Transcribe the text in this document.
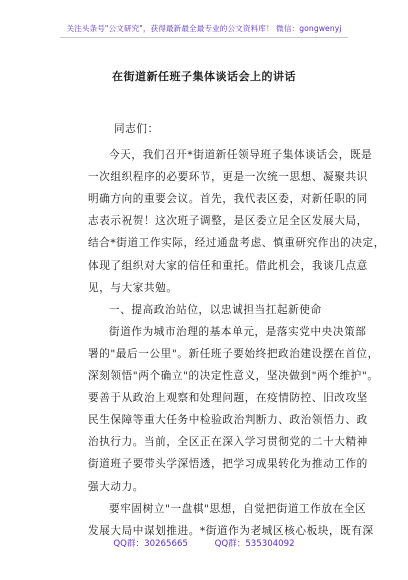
关注头条号"公文研究"，获得最新最全最专业的公文资料库！ 微信：gongwenyj
在街道新任班子集体谈话会上的讲话
同志们：
今天，我们召开*街道新任领导班子集体谈话会，既是
一次组织程序的必要环节，更是一次统一思想、凝聚共识
明确方向的重要会议。首先，我代表区委，对新任职的同
志表示祝贺！这次班子调整，是区委立足全区发展大局，
结合*街道工作实际，经过通盘考虑、慎重研究作出的决定，
体现了组织对大家的信任和重托。借此机会，我谈几点意
见，与大家共勉。
一、提高政治站位，以忠诚担当扛起新使命
街道作为城市治理的基本单元，是落实党中央决策部
署的"最后一公里"。新任班子要始终把政治建设摆在首位，
深刻领悟"两个确立"的决定性意义，坚决做到"两个维护"。
要善于从政治上观察和处理问题，在疫情防控、旧改攻坚
民生保障等重大任务中检验政治判断力、政治领悟力、政
治执行力。当前，全区正在深入学习贯彻党的二十大精神
街道班子要带头学深悟透，把学习成果转化为推动工作的
强大动力。
要牢固树立"一盘棋"思想，自觉把街道工作放在全区
发展大局中谋划推进。*街道作为老城区核心板块，既有深
QQ群：30265665	QQ群：535304092
